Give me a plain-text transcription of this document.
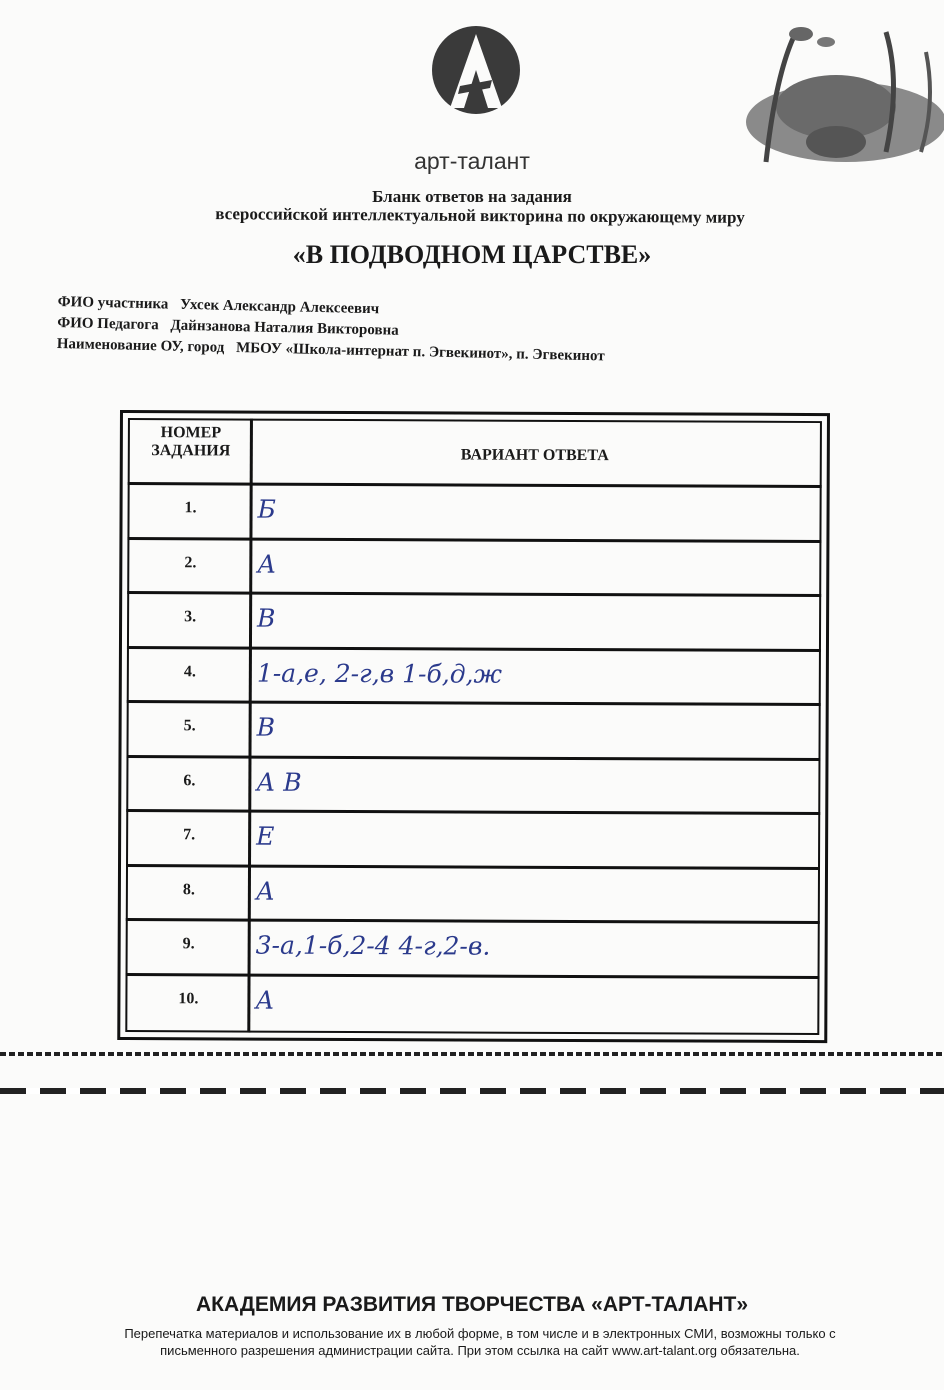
арт-талант
Бланк ответов на задания
всероссийской интеллектуальной викторина по окружающему миру
«В ПОДВОДНОМ ЦАРСТВЕ»
ФИО участника Ухсек Александр Алексеевич
ФИО Педагога Дайнзанова Наталия Викторовна
Наименование ОУ, город МБОУ «Школа-интернат п. Эгвекинот», п. Эгвекинот
НОМЕР
ЗАДАНИЯ	ВАРИАНТ ОТВЕТА
1.	Б
2.	А
3.	В
4.	1-а,е, 2-г,в 1-б,д,ж
5.	В
6.	А В
7.	Е
8.	А
9.	3-а,1-б,2-4 4-г,2-в.
10.	А
АКАДЕМИЯ РАЗВИТИЯ ТВОРЧЕСТВА «АРТ-ТАЛАНТ»
Перепечатка материалов и использование их в любой форме, в том числе и в электронных СМИ, возможны только с
письменного разрешения администрации сайта. При этом ссылка на сайт www.art-talant.org обязательна.
